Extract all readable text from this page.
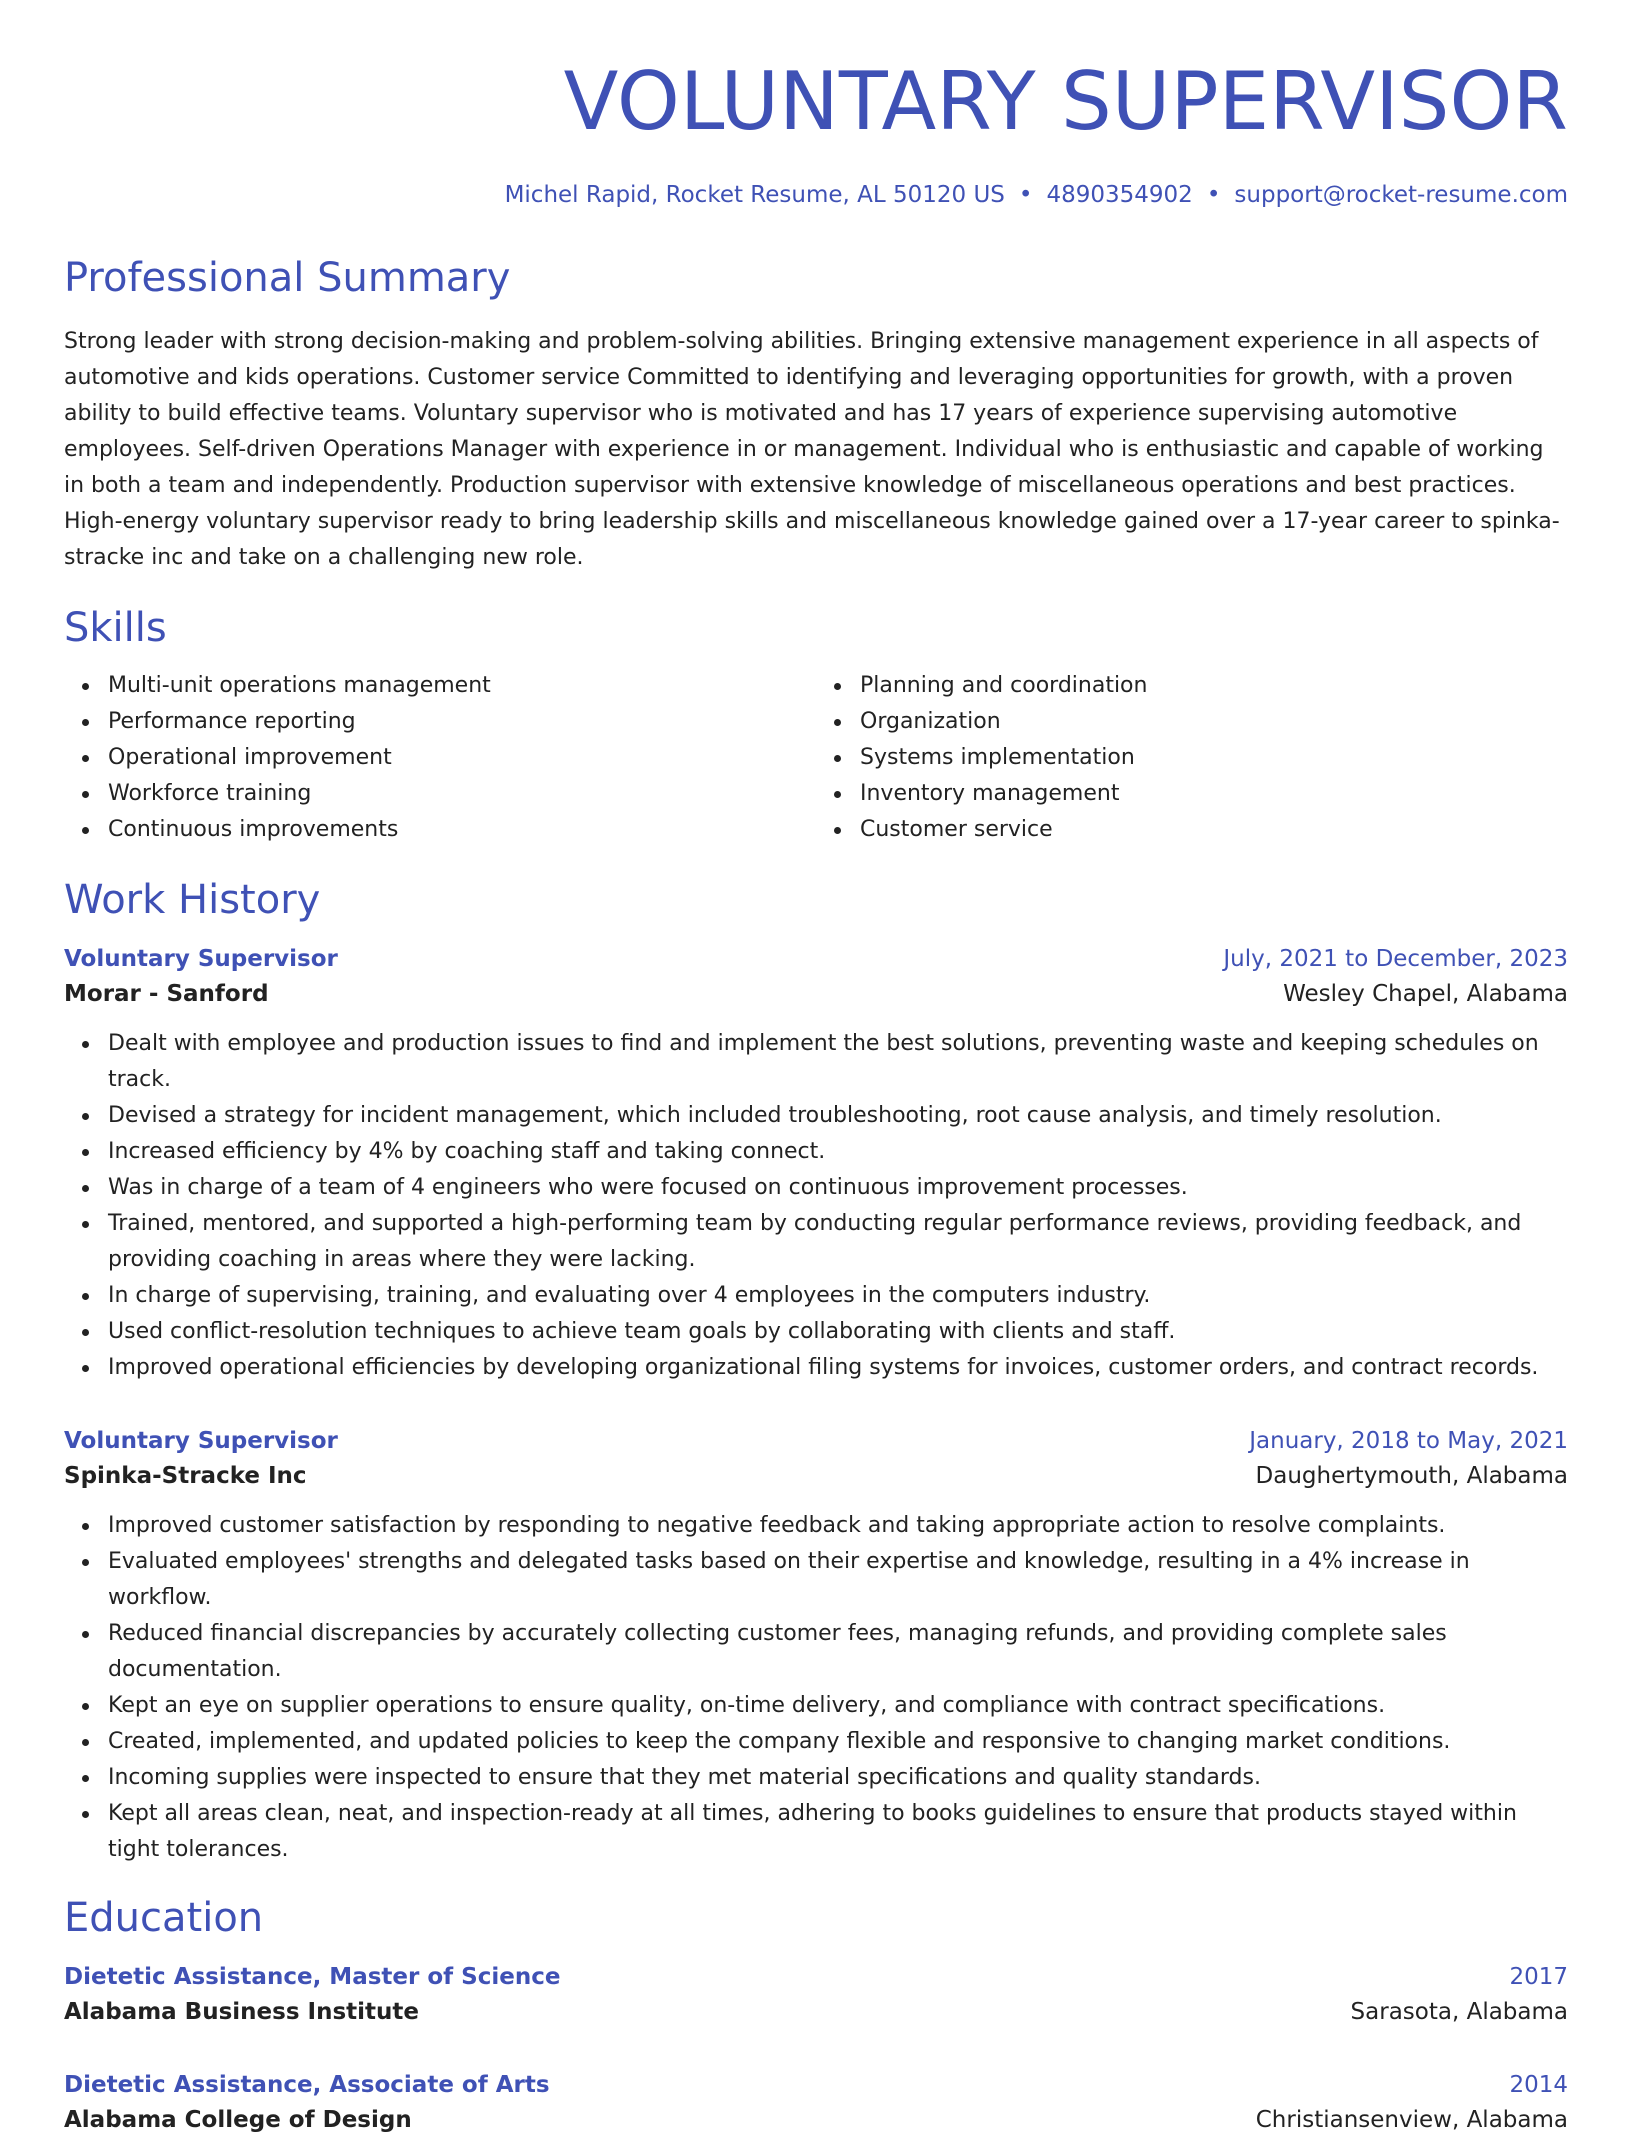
VOLUNTARY SUPERVISOR
Michel Rapid, Rocket Resume, AL 50120 US • 4890354902 • support@rocket-resume.com
Professional Summary
Strong leader with strong decision-making and problem-solving abilities. Bringing extensive management experience in all aspects of automotive and kids operations. Customer service Committed to identifying and leveraging opportunities for growth, with a proven ability to build effective teams. Voluntary supervisor who is motivated and has 17 years of experience supervising automotive employees. Self-driven Operations Manager with experience in or management. Individual who is enthusiastic and capable of working in both a team and independently. Production supervisor with extensive knowledge of miscellaneous operations and best practices. High-energy voluntary supervisor ready to bring leadership skills and miscellaneous knowledge gained over a 17-year career to spinka-stracke inc and take on a challenging new role.
Skills
Multi-unit operations management
Performance reporting
Operational improvement
Workforce training
Continuous improvements
Planning and coordination
Organization
Systems implementation
Inventory management
Customer service
Work History
Voluntary Supervisor	July, 2021 to December, 2023
Morar - Sanford	Wesley Chapel, Alabama
Dealt with employee and production issues to find and implement the best solutions, preventing waste and keeping schedules on track.
Devised a strategy for incident management, which included troubleshooting, root cause analysis, and timely resolution.
Increased efficiency by 4% by coaching staff and taking connect.
Was in charge of a team of 4 engineers who were focused on continuous improvement processes.
Trained, mentored, and supported a high-performing team by conducting regular performance reviews, providing feedback, and providing coaching in areas where they were lacking.
In charge of supervising, training, and evaluating over 4 employees in the computers industry.
Used conflict-resolution techniques to achieve team goals by collaborating with clients and staff.
Improved operational efficiencies by developing organizational filing systems for invoices, customer orders, and contract records.
Voluntary Supervisor	January, 2018 to May, 2021
Spinka-Stracke Inc	Daughertymouth, Alabama
Improved customer satisfaction by responding to negative feedback and taking appropriate action to resolve complaints.
Evaluated employees' strengths and delegated tasks based on their expertise and knowledge, resulting in a 4% increase in workflow.
Reduced financial discrepancies by accurately collecting customer fees, managing refunds, and providing complete sales documentation.
Kept an eye on supplier operations to ensure quality, on-time delivery, and compliance with contract specifications.
Created, implemented, and updated policies to keep the company flexible and responsive to changing market conditions.
Incoming supplies were inspected to ensure that they met material specifications and quality standards.
Kept all areas clean, neat, and inspection-ready at all times, adhering to books guidelines to ensure that products stayed within tight tolerances.
Education
Dietetic Assistance, Master of Science	2017
Alabama Business Institute	Sarasota, Alabama
Dietetic Assistance, Associate of Arts	2014
Alabama College of Design	Christiansenview, Alabama
